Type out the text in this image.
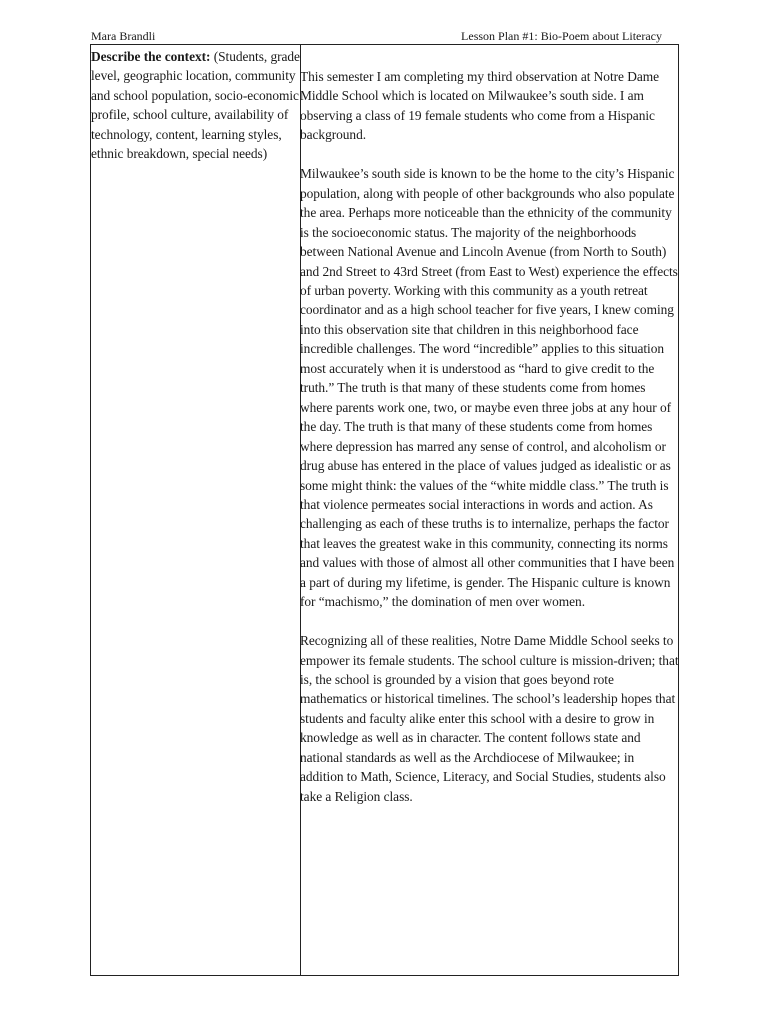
Mara Brandli	Lesson Plan #1: Bio-Poem about Literacy
Describe the context: (Students, grade level, geographic location, community and school population, socio-economic profile, school culture, availability of technology, content, learning styles, ethnic breakdown, special needs)

This semester I am completing my third observation at Notre Dame Middle School which is located on Milwaukee’s south side. I am observing a class of 19 female students who come from a Hispanic background.

Milwaukee’s south side is known to be the home to the city’s Hispanic population, along with people of other backgrounds who also populate the area. Perhaps more noticeable than the ethnicity of the community is the socioeconomic status. The majority of the neighborhoods between National Avenue and Lincoln Avenue (from North to South) and 2nd Street to 43rd Street (from East to West) experience the effects of urban poverty. Working with this community as a youth retreat coordinator and as a high school teacher for five years, I knew coming into this observation site that children in this neighborhood face incredible challenges. The word “incredible” applies to this situation most accurately when it is understood as “hard to give credit to the truth.” The truth is that many of these students come from homes where parents work one, two, or maybe even three jobs at any hour of the day. The truth is that many of these students come from homes where depression has marred any sense of control, and alcoholism or drug abuse has entered in the place of values judged as idealistic or as some might think: the values of the “white middle class.” The truth is that violence permeates social interactions in words and action. As challenging as each of these truths is to internalize, perhaps the factor that leaves the greatest wake in this community, connecting its norms and values with those of almost all other communities that I have been a part of during my lifetime, is gender. The Hispanic culture is known for “machismo,” the domination of men over women.

Recognizing all of these realities, Notre Dame Middle School seeks to empower its female students. The school culture is mission-driven; that is, the school is grounded by a vision that goes beyond rote mathematics or historical timelines. The school’s leadership hopes that students and faculty alike enter this school with a desire to grow in knowledge as well as in character. The content follows state and national standards as well as the Archdiocese of Milwaukee; in addition to Math, Science, Literacy, and Social Studies, students also take a Religion class.
